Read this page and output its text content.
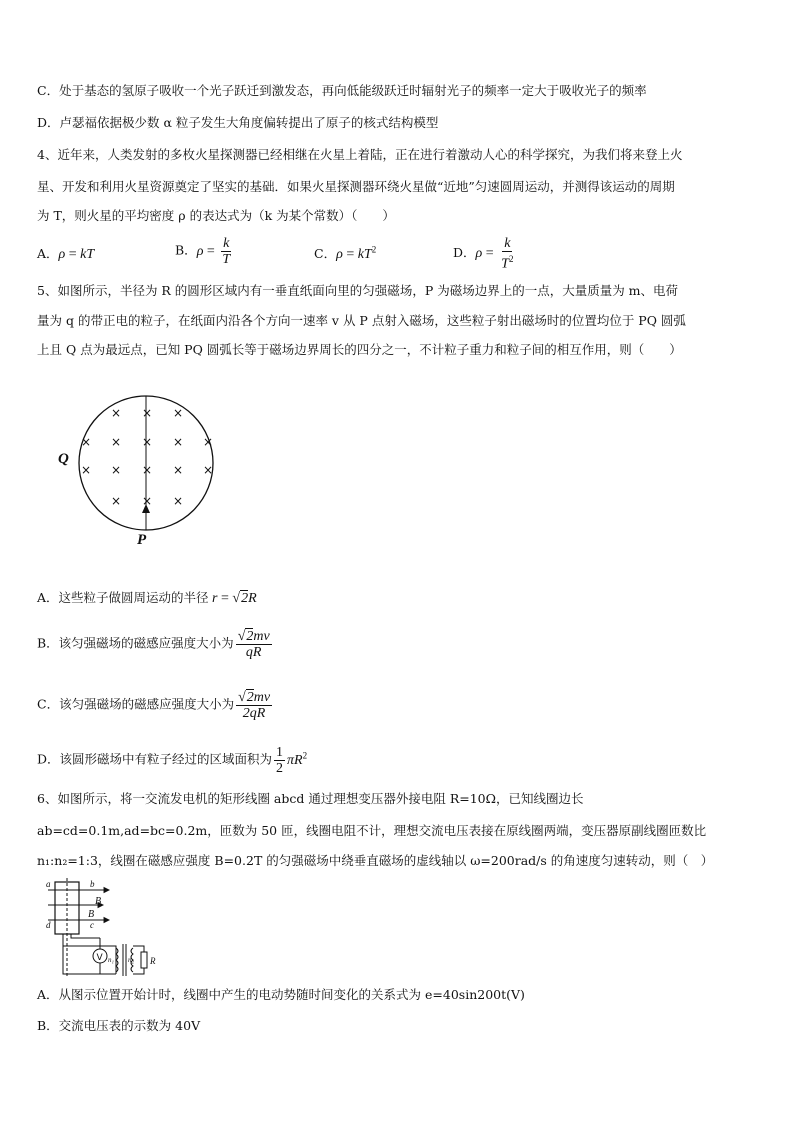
C．处于基态的氢原子吸收一个光子跃迁到激发态，再向低能级跃迁时辐射光子的频率一定大于吸收光子的频率
D．卢瑟福依据极少数 α 粒子发生大角度偏转提出了原子的核式结构模型
4、近年来，人类发射的多枚火星探测器已经相继在火星上着陆，正在进行着激动人心的科学探究，为我们将来登上火
星、开发和利用火星资源奠定了坚实的基础．如果火星探测器环绕火星做“近地”匀速圆周运动，并测得该运动的周期
为 T，则火星的平均密度 ρ 的表达式为（k 为某个常数）（　　）
A．ρ = kT	B．$\rho = \frac{k}{T}$	C．$\rho = kT^2$	D．$\rho = \frac{k}{T^2}$
5、如图所示，半径为 R 的圆形区域内有一垂直纸面向里的匀强磁场，P 为磁场边界上的一点，大量质量为 m、电荷
量为 q 的带正电的粒子，在纸面内沿各个方向一速率 v 从 P 点射入磁场，这些粒子射出磁场时的位置均位于 PQ 圆弧
上且 Q 点为最远点，已知 PQ 圆弧长等于磁场边界周长的四分之一，不计粒子重力和粒子间的相互作用，则（　　）
× × ×
× × × × ×
× × × × ×
× × ×
Q
P
A．这些粒子做圆周运动的半径 r = √2R
B．该匀强磁场的磁感应强度大小为 $\frac{√2mv}{qR}$
C．该匀强磁场的磁感应强度大小为 $\frac{√2mv}{2qR}$
D．该圆形磁场中有粒子经过的区域面积为 $\frac{1}{2} \pi R^2$
6、如图所示，将一交流发电机的矩形线圈 abcd 通过理想变压器外接电阻 R=10Ω，已知线圈边长
ab=cd=0.1m,ad=bc=0.2m，匝数为 50 匝，线圈电阻不计，理想交流电压表接在原线圈两端，变压器原副线圈匝数比
n₁:n₂=1:3，线圈在磁感应强度 B=0.2T 的匀强磁场中绕垂直磁场的虚线轴以 ω=200rad/s 的角速度匀速转动，则（　）
V
a	b
B
B
d	c
n₁ n₂ R
A．从图示位置开始计时，线圈中产生的电动势随时间变化的关系式为 e=40sin200t(V)
B．交流电压表的示数为 40V
